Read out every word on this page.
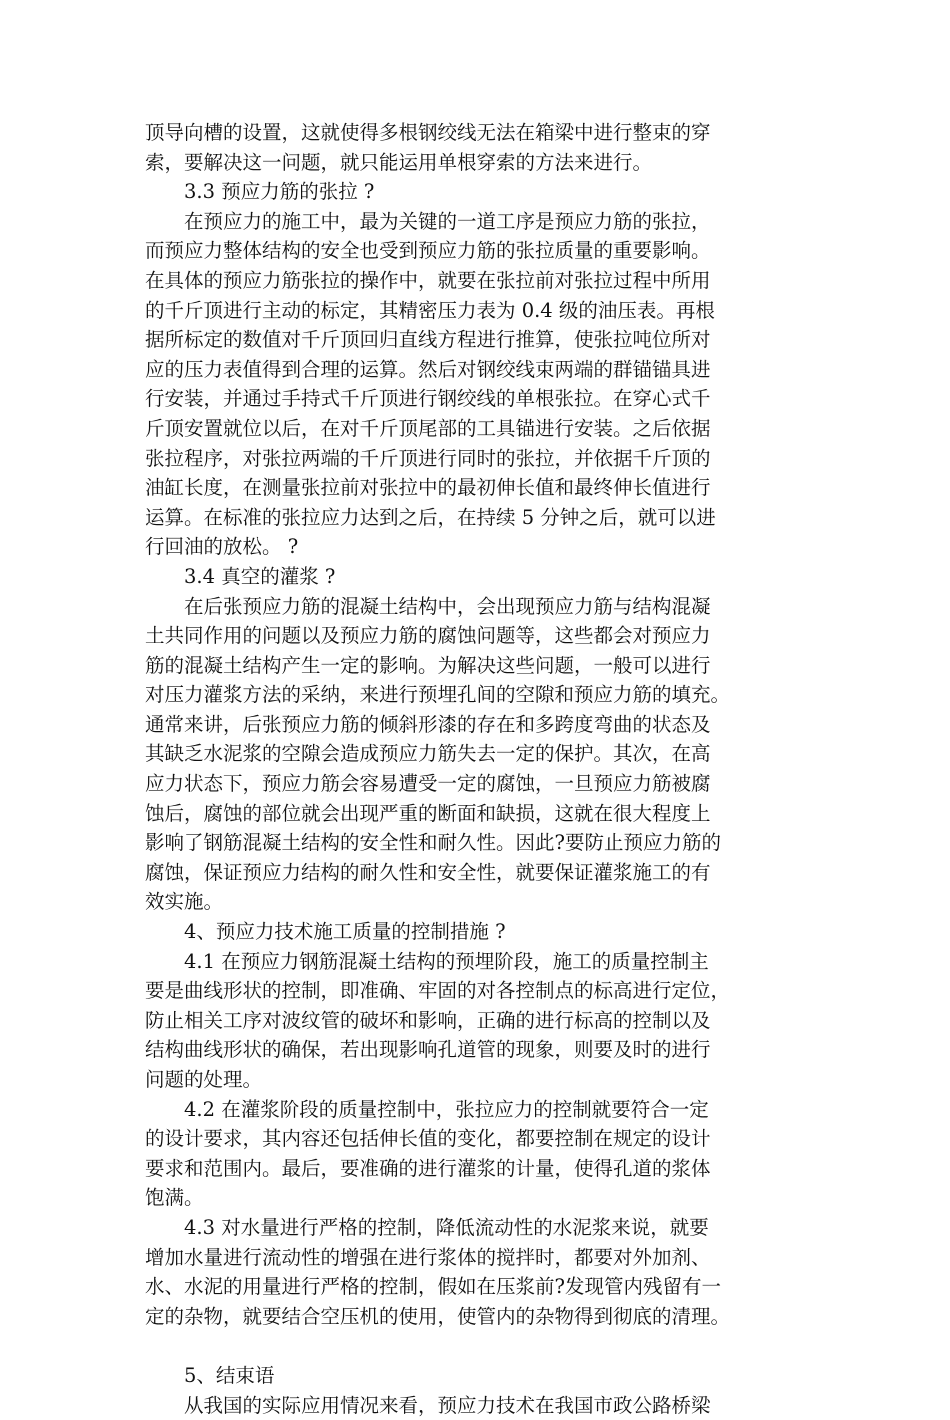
顶导向槽的设置，这就使得多根钢绞线无法在箱梁中进行整束的穿
索，要解决这一问题，就只能运用单根穿索的方法来进行。
　　3.3 预应力筋的张拉 ?
　　在预应力的施工中，最为关键的一道工序是预应力筋的张拉，
而预应力整体结构的安全也受到预应力筋的张拉质量的重要影响。
在具体的预应力筋张拉的操作中，就要在张拉前对张拉过程中所用
的千斤顶进行主动的标定，其精密压力表为 0.4 级的油压表。再根
据所标定的数值对千斤顶回归直线方程进行推算，使张拉吨位所对
应的压力表值得到合理的运算。然后对钢绞线束两端的群锚锚具进
行安装，并通过手持式千斤顶进行钢绞线的单根张拉。在穿心式千
斤顶安置就位以后，在对千斤顶尾部的工具锚进行安装。之后依据
张拉程序，对张拉两端的千斤顶进行同时的张拉，并依据千斤顶的
油缸长度，在测量张拉前对张拉中的最初伸长值和最终伸长值进行
运算。在标准的张拉应力达到之后，在持续 5 分钟之后，就可以进
行回油的放松。 ?
　　3.4 真空的灌浆 ?
　　在后张预应力筋的混凝土结构中，会出现预应力筋与结构混凝
土共同作用的问题以及预应力筋的腐蚀问题等，这些都会对预应力
筋的混凝土结构产生一定的影响。为解决这些问题，一般可以进行
对压力灌浆方法的采纳，来进行预埋孔间的空隙和预应力筋的填充。
通常来讲，后张预应力筋的倾斜形漆的存在和多跨度弯曲的状态及
其缺乏水泥浆的空隙会造成预应力筋失去一定的保护。其次，在高
应力状态下，预应力筋会容易遭受一定的腐蚀，一旦预应力筋被腐
蚀后，腐蚀的部位就会出现严重的断面和缺损，这就在很大程度上
影响了钢筋混凝土结构的安全性和耐久性。因此?要防止预应力筋的
腐蚀，保证预应力结构的耐久性和安全性，就要保证灌浆施工的有
效实施。
　　4、预应力技术施工质量的控制措施 ?
　　4.1 在预应力钢筋混凝土结构的预埋阶段，施工的质量控制主
要是曲线形状的控制，即准确、牢固的对各控制点的标高进行定位，
防止相关工序对波纹管的破坏和影响，正确的进行标高的控制以及
结构曲线形状的确保，若出现影响孔道管的现象，则要及时的进行
问题的处理。
　　4.2 在灌浆阶段的质量控制中，张拉应力的控制就要符合一定
的设计要求，其内容还包括伸长值的变化，都要控制在规定的设计
要求和范围内。最后，要准确的进行灌浆的计量，使得孔道的浆体
饱满。
　　4.3 对水量进行严格的控制，降低流动性的水泥浆来说，就要
增加水量进行流动性的增强在进行浆体的搅拌时，都要对外加剂、
水、水泥的用量进行严格的控制，假如在压浆前?发现管内残留有一
定的杂物，就要结合空压机的使用，使管内的杂物得到彻底的清理。
　　5、结束语
　　从我国的实际应用情况来看，预应力技术在我国市政公路桥梁
